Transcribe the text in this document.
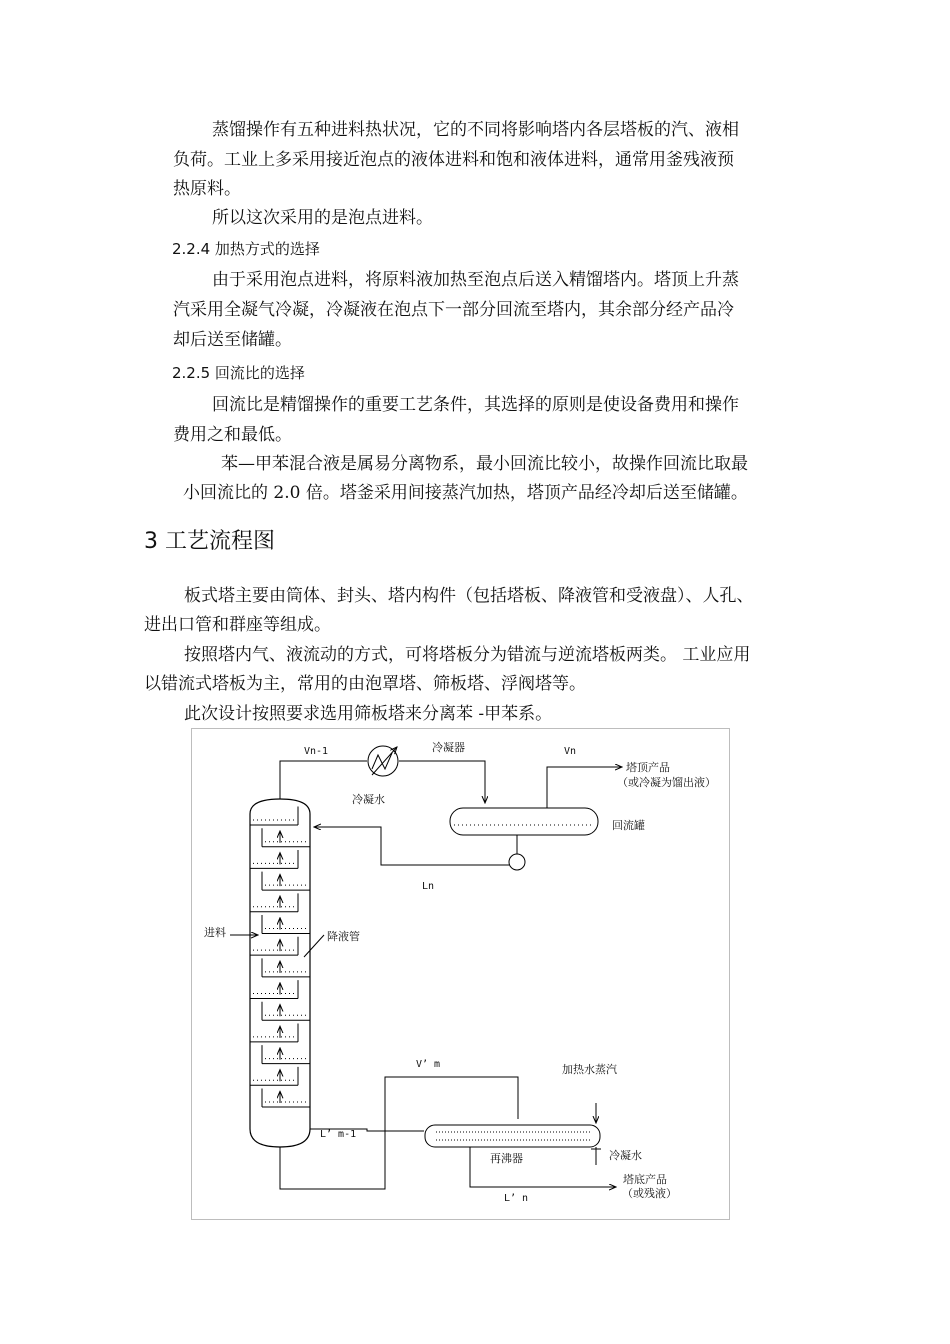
蒸馏操作有五种进料热状况，它的不同将影响塔内各层塔板的汽、液相
负荷。工业上多采用接近泡点的液体进料和饱和液体进料，通常用釜残液预
热原料。
所以这次采用的是泡点进料。
2.2.4 加热方式的选择
由于采用泡点进料，将原料液加热至泡点后送入精馏塔内。塔顶上升蒸
汽采用全凝气冷凝，冷凝液在泡点下一部分回流至塔内，其余部分经产品冷
却后送至储罐。
2.2.5 回流比的选择
回流比是精馏操作的重要工艺条件，其选择的原则是使设备费用和操作
费用之和最低。
苯—甲苯混合液是属易分离物系，最小回流比较小，故操作回流比取最
小回流比的 2.0 倍。塔釜采用间接蒸汽加热，塔顶产品经冷却后送至储罐。
3 工艺流程图
板式塔主要由筒体、封头、塔内构件（包括塔板、降液管和受液盘）、人孔、
进出口管和群座等组成。
按照塔内气、液流动的方式，可将塔板分为错流与逆流塔板两类。 工业应用
以错流式塔板为主，常用的由泡罩塔、筛板塔、浮阀塔等。
此次设计按照要求选用筛板塔来分离苯 -甲苯系。
Vn-1	冷凝器	Vn
塔顶产品
（或冷凝为馏出液）
冷凝水
回流罐
Ln
进料	降液管
V’ m	加热水蒸汽
L’ m-1
再沸器	冷凝水
塔底产品
（或残液）
L’ n
